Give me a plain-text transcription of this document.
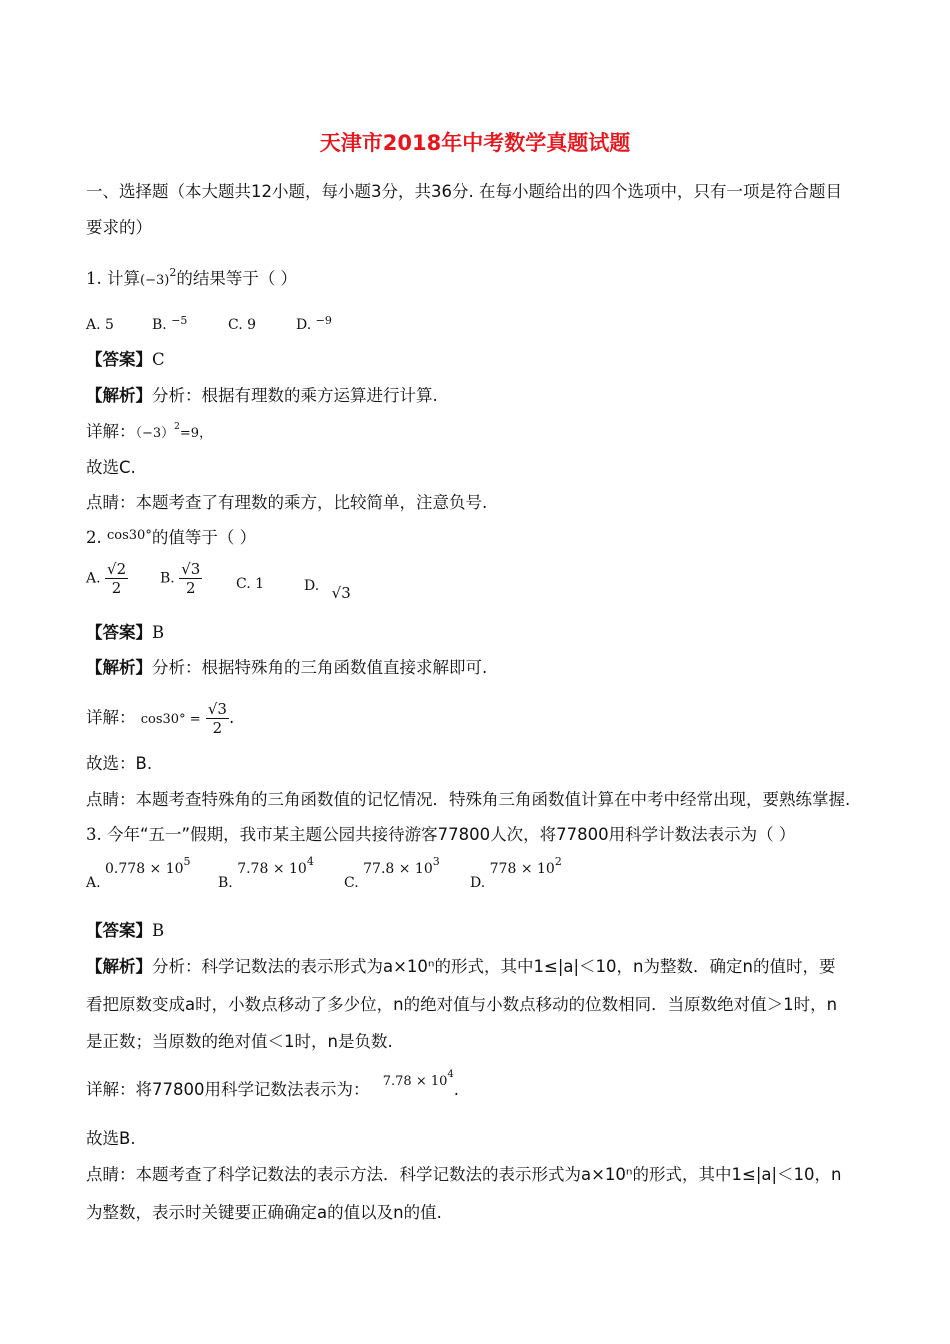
天津市2018年中考数学真题试题
一、选择题（本大题共12小题，每小题3分，共36分. 在每小题给出的四个选项中，只有一项是符合题目
要求的）
1. 计算$(-3)^2$的结果等于（ ）
A. 5	B. $^{-5}$	C. 9	D. $^{-9}$
【答案】C
【解析】分析：根据有理数的乘方运算进行计算.
详解：$(-3)^2=9$，
故选C.
点睛：本题考查了有理数的乘方，比较简单，注意负号.
2. $^{cos30^\circ}$的值等于（ ）
A. $\frac{√2}{2} B$. $\frac{√3}{2} C$. 1	D. √3
【答案】B
【解析】分析：根据特殊角的三角函数值直接求解即可.
详解： $\cos 30^\circ = \frac{√3}{2}$ .
故选：B.
点睛：本题考查特殊角的三角函数值的记忆情况．特殊角三角函数值计算在中考中经常出现，要熟练掌握.
3. 今年“五一”假期，我市某主题公园共接待游客77800人次，将77800用科学计数法表示为（ ）
A. $0.778 \times 10^5$
B. $7.78 \times 10^4$
C. $77.8 \times 10^3$
D. $778 \times 10^2$
【答案】B
【解析】分析：科学记数法的表示形式为a×10ⁿ的形式，其中1≤|a|＜10，n为整数．确定n的值时，要
看把原数变成a时，小数点移动了多少位，n的绝对值与小数点移动的位数相同．当原数绝对值＞1时，n
是正数；当原数的绝对值＜1时，n是负数.
详解：将77800用科学记数法表示为： $^{7.78 \times 104}$.
故选B.
点睛：本题考查了科学记数法的表示方法．科学记数法的表示形式为a×10ⁿ的形式，其中1≤|a|＜10，n
为整数，表示时关键要正确确定a的值以及n的值.
